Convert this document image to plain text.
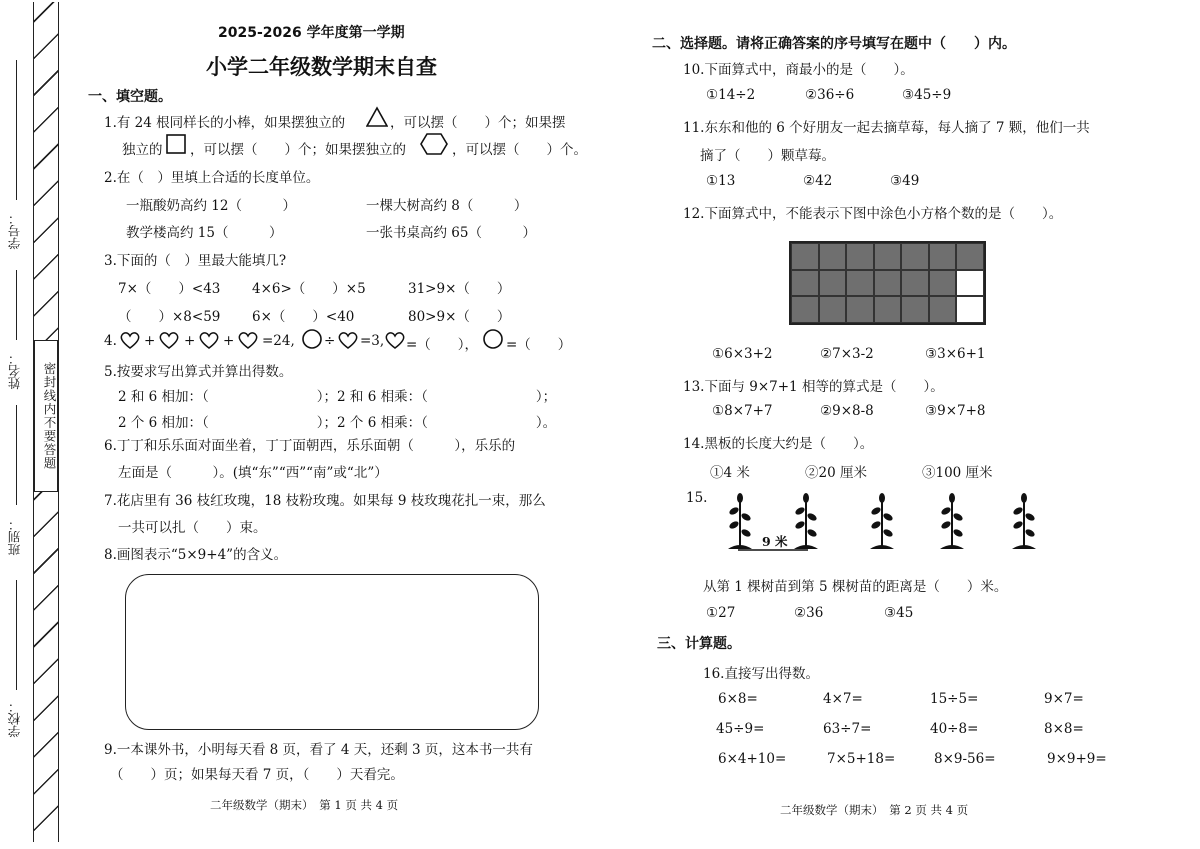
密封线内不要答题
学号：
姓名：
班别：
学校：
2025-2026 学年度第一学期
小学二年级数学期末自查
一、填空题。
1.有 24 根同样长的小棒，如果摆独立的	，可以摆（　　）个；如果摆
独立的 ，可以摆（　　）个；如果摆独立的	，可以摆（　　）个。
2.在（　）里填上合适的长度单位。
一瓶酸奶高约 12（　　　）	一棵大树高约 8（　　　）
教学楼高约 15（　　　）	一张书桌高约 65（　　　）
3.下面的（　）里最大能填几?
7×（　　）<43 4×6>（　　）×5	31>9×（　　）
（　　）×8<59 6×（　　）<40	80>9×（　　）
4. + + + =24, ÷ =3, =（　　）， =（　　）
5.按要求写出算式并算出得数。
2 和 6 相加：（　　　　　　　　）；2 和 6 相乘：（　　　　　　　　）；
2 个 6 相加：（　　　　　　　　）；2 个 6 相乘：（　　　　　　　　）。
6.丁丁和乐乐面对面坐着，丁丁面朝西，乐乐面朝（　　　），乐乐的
左面是（　　　）。(填“东”“西”“南”或“北”）
7.花店里有 36 枝红玫瑰，18 枝粉玫瑰。如果每 9 枝玫瑰花扎一束，那么
一共可以扎（　　）束。
8.画图表示“5×9+4”的含义。
9.一本课外书，小明每天看 8 页，看了 4 天，还剩 3 页，这本书一共有
（　　）页；如果每天看 7 页，（　　）天看完。
二年级数学（期末）　第 1 页 共 4 页
二、选择题。请将正确答案的序号填写在题中（　　）内。
10.下面算式中，商最小的是（　　）。
①14÷2	②36÷6	③45÷9
11.东东和他的 6 个好朋友一起去摘草莓，每人摘了 7 颗，他们一共
摘了（　　）颗草莓。
①13	②42	③49
12.下面算式中，不能表示下图中涂色小方格个数的是（　　）。
①6×3+2	②7×3-2	③3×6+1
13.下面与 9×7+1 相等的算式是（　　）。
①8×7+7	②9×8-8	③9×7+8
14.黑板的长度大约是（　　）。
①4 米	②20 厘米	③100 厘米
15.
9 米
从第 1 棵树苗到第 5 棵树苗的距离是（　　）米。
①27	②36	③45
三、计算题。
16.直接写出得数。
6×8=	4×7=	15÷5=	9×7=
45÷9=	63÷7=	40÷8=	8×8=
6×4+10=	7×5+18=	8×9-56=	9×9+9=
二年级数学（期末）　第 2 页 共 4 页
